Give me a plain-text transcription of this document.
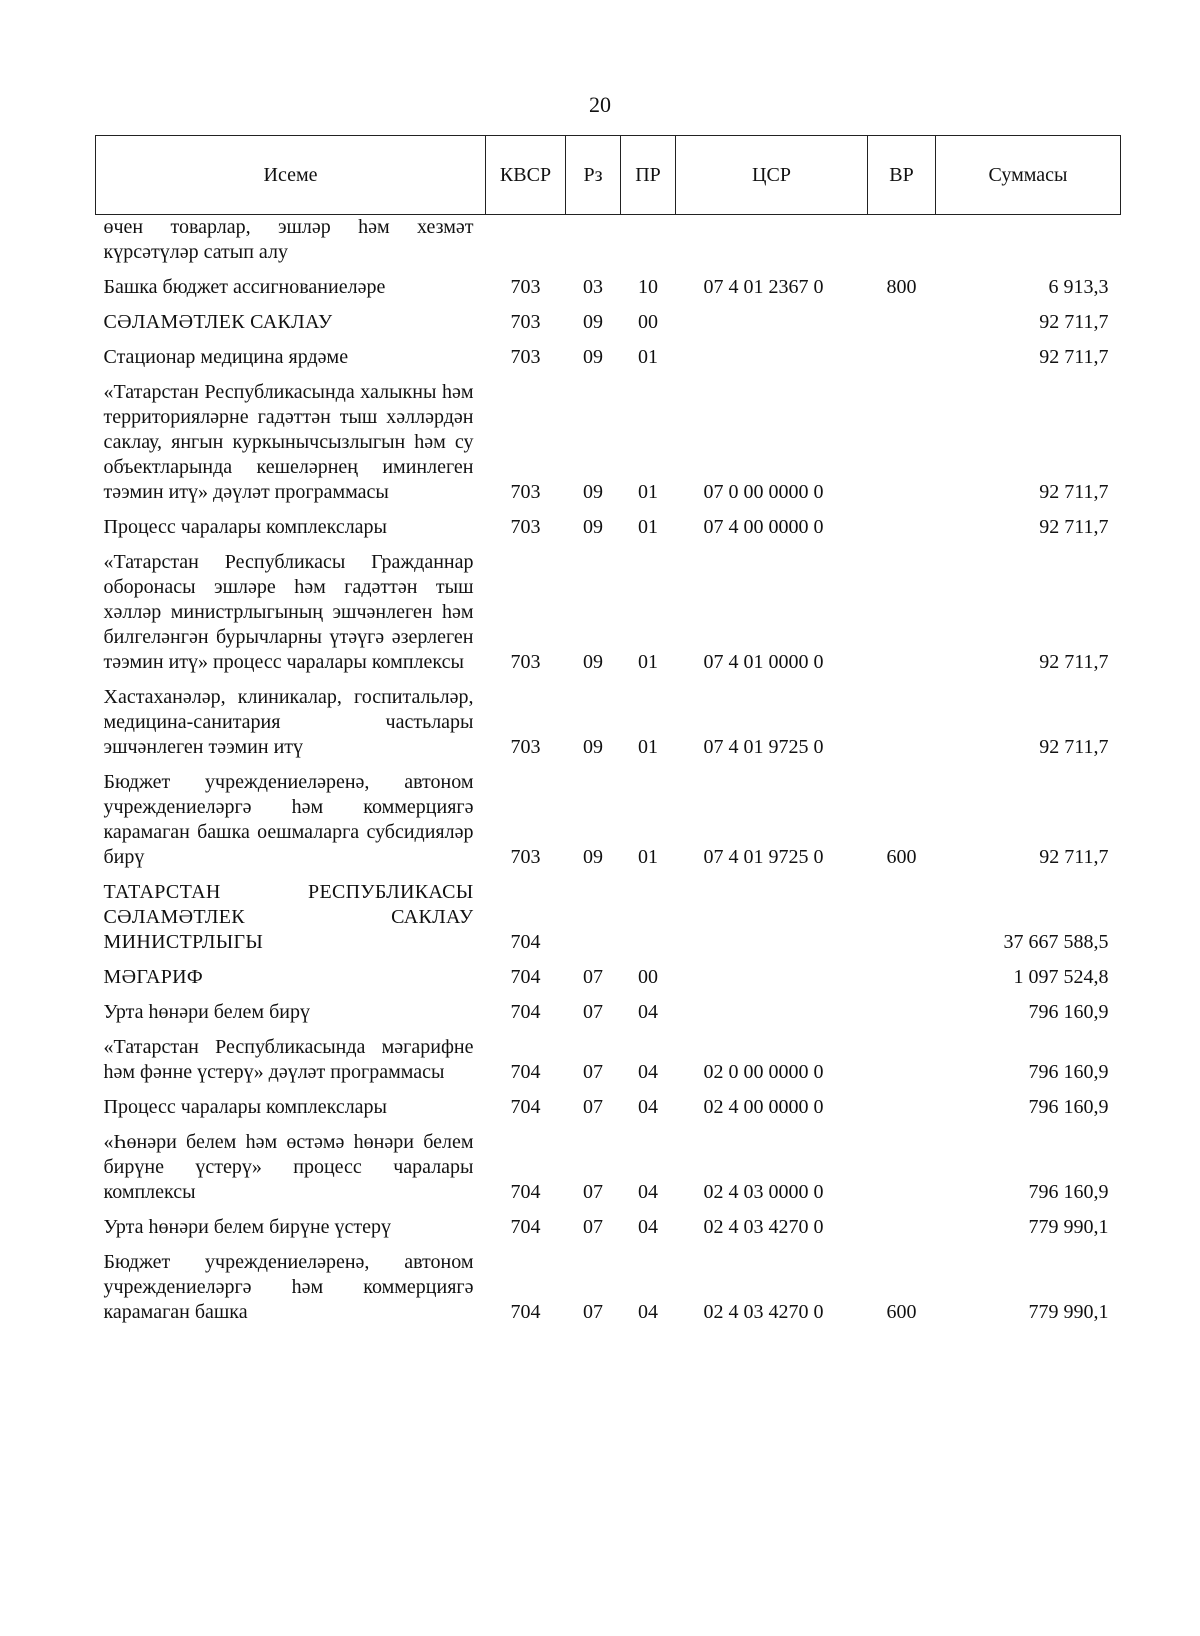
20
Исеме	КВСР	Рз	ПР	ЦСР	ВР	Суммасы
өчен товарлар, эшләр һәм хезмәт күрсәтүләр сатып алу						
Башка бюджет ассигнованиеләре	703	03	10	07 4 01 2367 0	800	6 913,3
СӘЛАМӘТЛЕК САКЛАУ	703	09	00			92 711,7
Стационар медицина ярдәме	703	09	01			92 711,7
«Татарстан Республикасында халыкны һәм территорияләрне гадәттән тыш хәлләрдән саклау, янгын куркынычсызлыгын һәм су объектларында кешеләрнең иминлеген тәэмин итү» дәүләт программасы	703	09	01	07 0 00 0000 0		92 711,7
Процесс чаралары комплекслары	703	09	01	07 4 00 0000 0		92 711,7
«Татарстан Республикасы Гражданнар оборонасы эшләре һәм гадәттән тыш хәлләр министрлыгының эшчәнлеген һәм билгеләнгән бурычларны үтәүгә әзерлеген тәэмин итү» процесс чаралары комплексы	703	09	01	07 4 01 0000 0		92 711,7
Хастаханәләр, клиникалар, госпитальләр, медицина-санитария частьлары эшчәнлеген тәэмин итү	703	09	01	07 4 01 9725 0		92 711,7
Бюджет учреждениеләренә, автоном учреждениеләргә һәм коммерциягә карамаган башка оешмаларга субсидияләр бирү	703	09	01	07 4 01 9725 0	600	92 711,7
ТАТАРСТАН РЕСПУБЛИКАСЫ СӘЛАМӘТЛЕК САКЛАУ МИНИСТРЛЫГЫ	704					37 667 588,5
МӘГАРИФ	704	07	00			1 097 524,8
Урта һөнәри белем бирү	704	07	04			796 160,9
«Татарстан Республикасында мәгарифне һәм фәнне үстерү» дәүләт программасы	704	07	04	02 0 00 0000 0		796 160,9
Процесс чаралары комплекслары	704	07	04	02 4 00 0000 0		796 160,9
«Һөнәри белем һәм өстәмә һөнәри белем бирүне үстерү» процесс чаралары комплексы	704	07	04	02 4 03 0000 0		796 160,9
Урта һөнәри белем бирүне үстерү	704	07	04	02 4 03 4270 0		779 990,1
Бюджет учреждениеләренә, автоном учреждениеләргә һәм коммерциягә карамаган башка	704	07	04	02 4 03 4270 0	600	779 990,1
